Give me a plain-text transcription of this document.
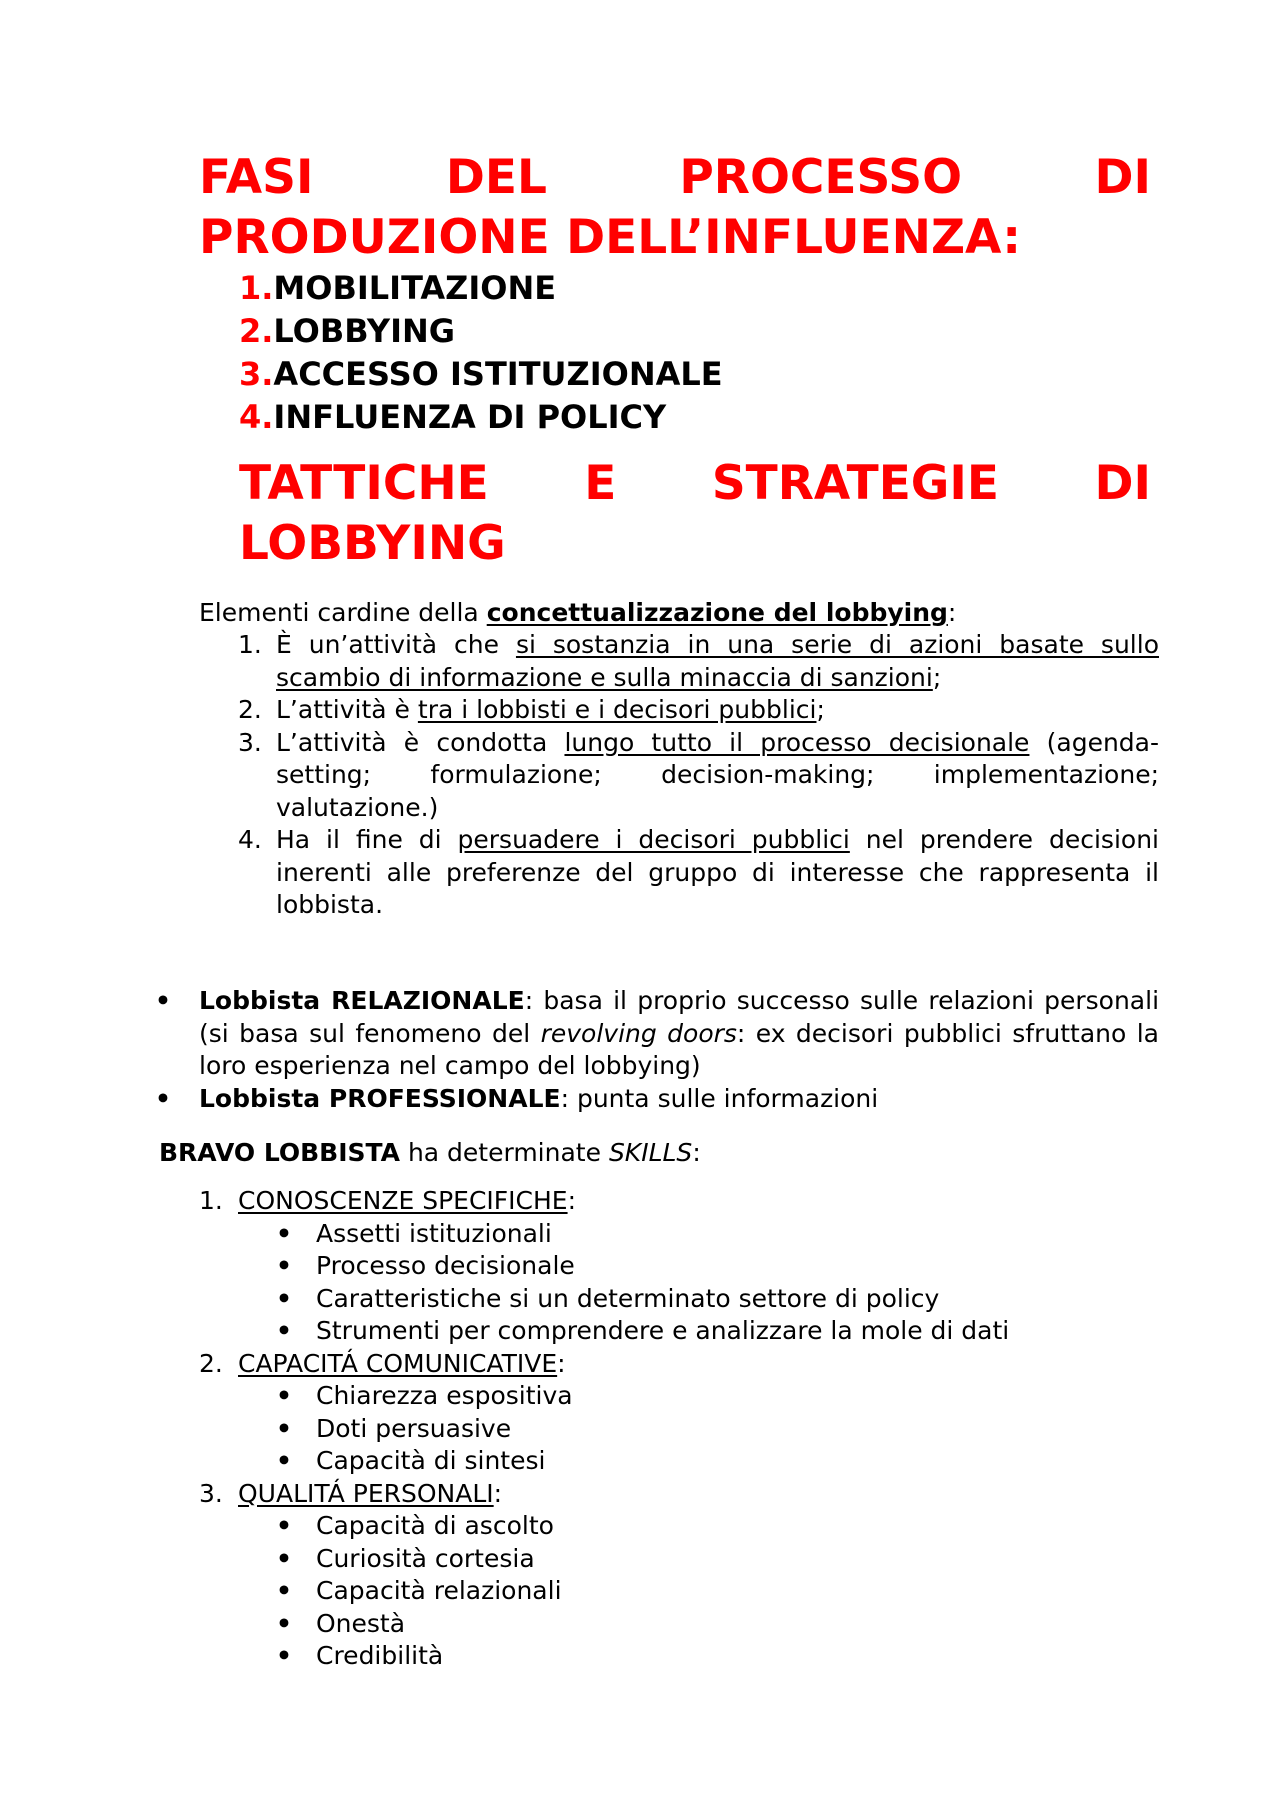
FASI	DEL	PROCESSO	DI
PRODUZIONE DELL’INFLUENZA:
1.MOBILITAZIONE
2.LOBBYING
3.ACCESSO ISTITUZIONALE
4.INFLUENZA DI POLICY
TATTICHE E STRATEGIE DI
LOBBYING
Elementi cardine della concettualizzazione del lobbying:
1. È un’attività che si sostanzia in una serie di azioni basate sullo scambio di informazione e sulla minaccia di sanzioni;
2. L’attività è tra i lobbisti e i decisori pubblici;
3. L’attività è condotta lungo tutto il processo decisionale (agenda-setting; formulazione; decision-making; implementazione; valutazione.)
4. Ha il fine di persuadere i decisori pubblici nel prendere decisioni inerenti alle preferenze del gruppo di interesse che rappresenta il lobbista.
• Lobbista RELAZIONALE: basa il proprio successo sulle relazioni personali (si basa sul fenomeno del revolving doors: ex decisori pubblici sfruttano la loro esperienza nel campo del lobbying)
• Lobbista PROFESSIONALE: punta sulle informazioni
BRAVO LOBBISTA ha determinate SKILLS:
1. CONOSCENZE SPECIFICHE:
• Assetti istituzionali
• Processo decisionale
• Caratteristiche si un determinato settore di policy
• Strumenti per comprendere e analizzare la mole di dati
2. CAPACITÁ COMUNICATIVE:
• Chiarezza espositiva
• Doti persuasive
• Capacità di sintesi
3. QUALITÁ PERSONALI:
• Capacità di ascolto
• Curiosità cortesia
• Capacità relazionali
• Onestà
• Credibilità
